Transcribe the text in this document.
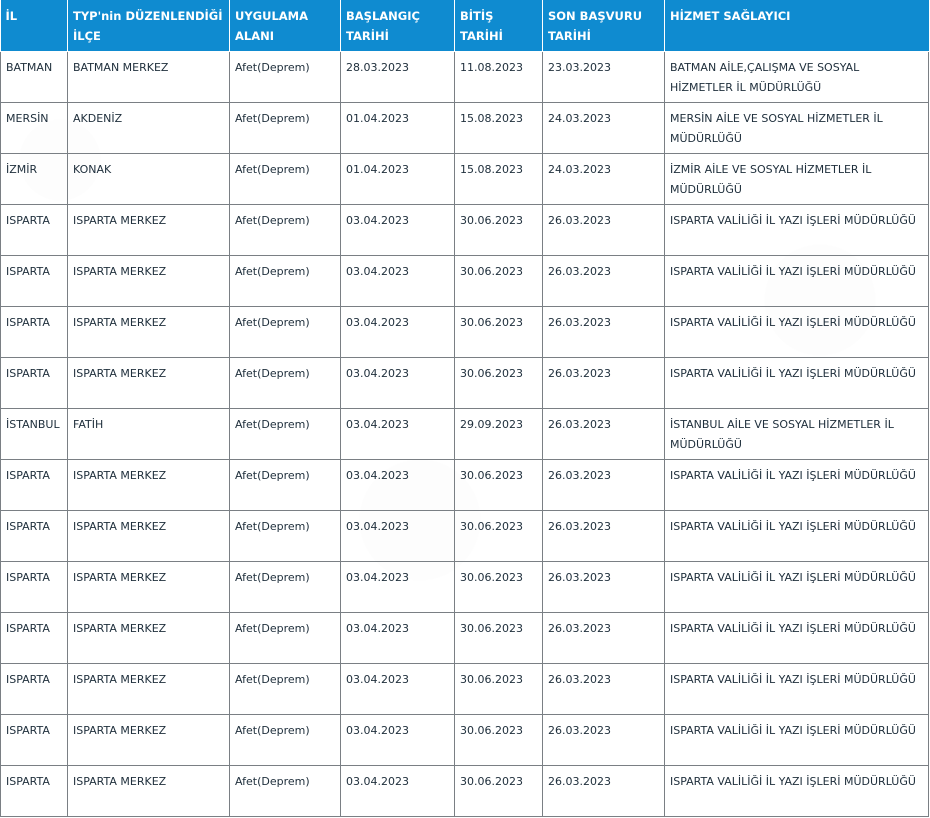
İL	TYP'nin DÜZENLENDİĞİ İLÇE	UYGULAMA ALANI	BAŞLANGIÇ TARİHİ	BİTİŞ TARİHİ	SON BAŞVURU TARİHİ	HİZMET SAĞLAYICI
BATMAN	BATMAN MERKEZ	Afet(Deprem)	28.03.2023	11.08.2023	23.03.2023	BATMAN AİLE,ÇALIŞMA VE SOSYAL HİZMETLER İL MÜDÜRLÜĞÜ
MERSİN	AKDENİZ	Afet(Deprem)	01.04.2023	15.08.2023	24.03.2023	MERSİN AİLE VE SOSYAL HİZMETLER İL MÜDÜRLÜĞÜ
İZMİR	KONAK	Afet(Deprem)	01.04.2023	15.08.2023	24.03.2023	İZMİR AİLE VE SOSYAL HİZMETLER İL MÜDÜRLÜĞÜ
ISPARTA	ISPARTA MERKEZ	Afet(Deprem)	03.04.2023	30.06.2023	26.03.2023	ISPARTA VALİLİĞİ İL YAZI İŞLERİ MÜDÜRLÜĞÜ
ISPARTA	ISPARTA MERKEZ	Afet(Deprem)	03.04.2023	30.06.2023	26.03.2023	ISPARTA VALİLİĞİ İL YAZI İŞLERİ MÜDÜRLÜĞÜ
ISPARTA	ISPARTA MERKEZ	Afet(Deprem)	03.04.2023	30.06.2023	26.03.2023	ISPARTA VALİLİĞİ İL YAZI İŞLERİ MÜDÜRLÜĞÜ
ISPARTA	ISPARTA MERKEZ	Afet(Deprem)	03.04.2023	30.06.2023	26.03.2023	ISPARTA VALİLİĞİ İL YAZI İŞLERİ MÜDÜRLÜĞÜ
İSTANBUL	FATİH	Afet(Deprem)	03.04.2023	29.09.2023	26.03.2023	İSTANBUL AİLE VE SOSYAL HİZMETLER İL MÜDÜRLÜĞÜ
ISPARTA	ISPARTA MERKEZ	Afet(Deprem)	03.04.2023	30.06.2023	26.03.2023	ISPARTA VALİLİĞİ İL YAZI İŞLERİ MÜDÜRLÜĞÜ
ISPARTA	ISPARTA MERKEZ	Afet(Deprem)	03.04.2023	30.06.2023	26.03.2023	ISPARTA VALİLİĞİ İL YAZI İŞLERİ MÜDÜRLÜĞÜ
ISPARTA	ISPARTA MERKEZ	Afet(Deprem)	03.04.2023	30.06.2023	26.03.2023	ISPARTA VALİLİĞİ İL YAZI İŞLERİ MÜDÜRLÜĞÜ
ISPARTA	ISPARTA MERKEZ	Afet(Deprem)	03.04.2023	30.06.2023	26.03.2023	ISPARTA VALİLİĞİ İL YAZI İŞLERİ MÜDÜRLÜĞÜ
ISPARTA	ISPARTA MERKEZ	Afet(Deprem)	03.04.2023	30.06.2023	26.03.2023	ISPARTA VALİLİĞİ İL YAZI İŞLERİ MÜDÜRLÜĞÜ
ISPARTA	ISPARTA MERKEZ	Afet(Deprem)	03.04.2023	30.06.2023	26.03.2023	ISPARTA VALİLİĞİ İL YAZI İŞLERİ MÜDÜRLÜĞÜ
ISPARTA	ISPARTA MERKEZ	Afet(Deprem)	03.04.2023	30.06.2023	26.03.2023	ISPARTA VALİLİĞİ İL YAZI İŞLERİ MÜDÜRLÜĞÜ
